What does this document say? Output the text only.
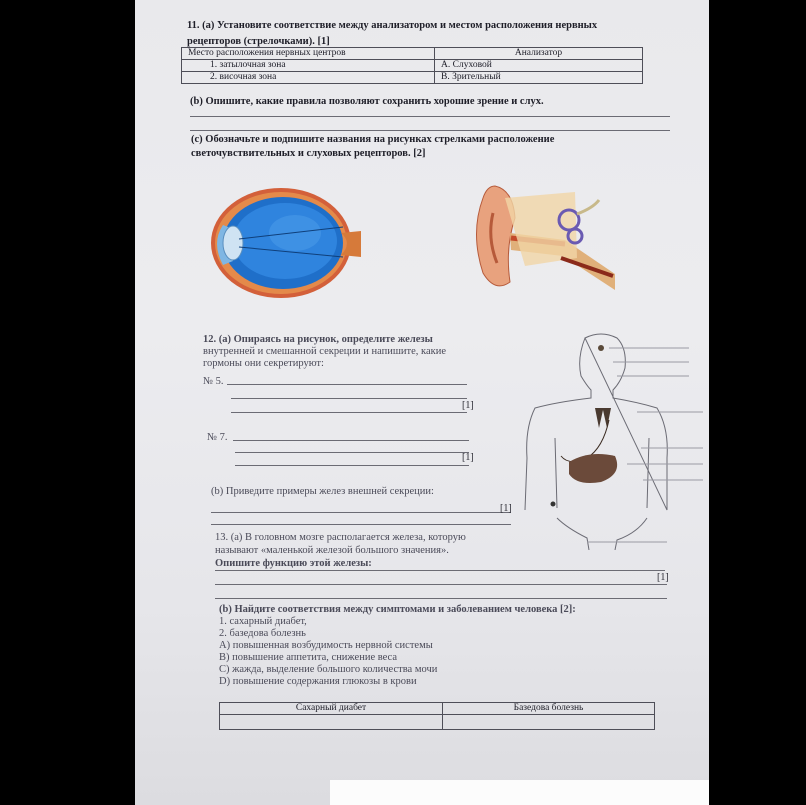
11. (а) Установите соответствие между анализатором и местом расположения нервных

рецепторов (стрелочками). [1]

Место расположения нервных центров	Анализатор
1. затылочная зона	А. Слуховой
2. височная зона	В. Зрительный

(b) Опишите, какие правила позволяют сохранить хорошие зрение и слух.

(c) Обозначьте и подпишите названия на рисунках стрелками расположение

светочувствительных и слуховых рецепторов. [2]

12. (а) Опираясь на рисунок, определите железы

внутренней и смешанной секреции и напишите, какие

гормоны они секретируют:

№ 5.

[1]

№ 7.

[1]

(b) Приведите примеры желез внешней секреции:

[1]

13. (а) В головном мозге располагается железа, которую

называют «маленькой железой большого значения».

Опишите функцию этой железы:

[1]

(b) Найдите соответствия между симптомами и заболеванием человека [2]:

1. сахарный диабет,

2. базедова болезнь

А) повышенная возбудимость нервной системы

В) повышение аппетита, снижение веса

С) жажда, выделение большого количества мочи

D) повышение содержания глюкозы в крови

Сахарный диабет	Базедова болезнь
